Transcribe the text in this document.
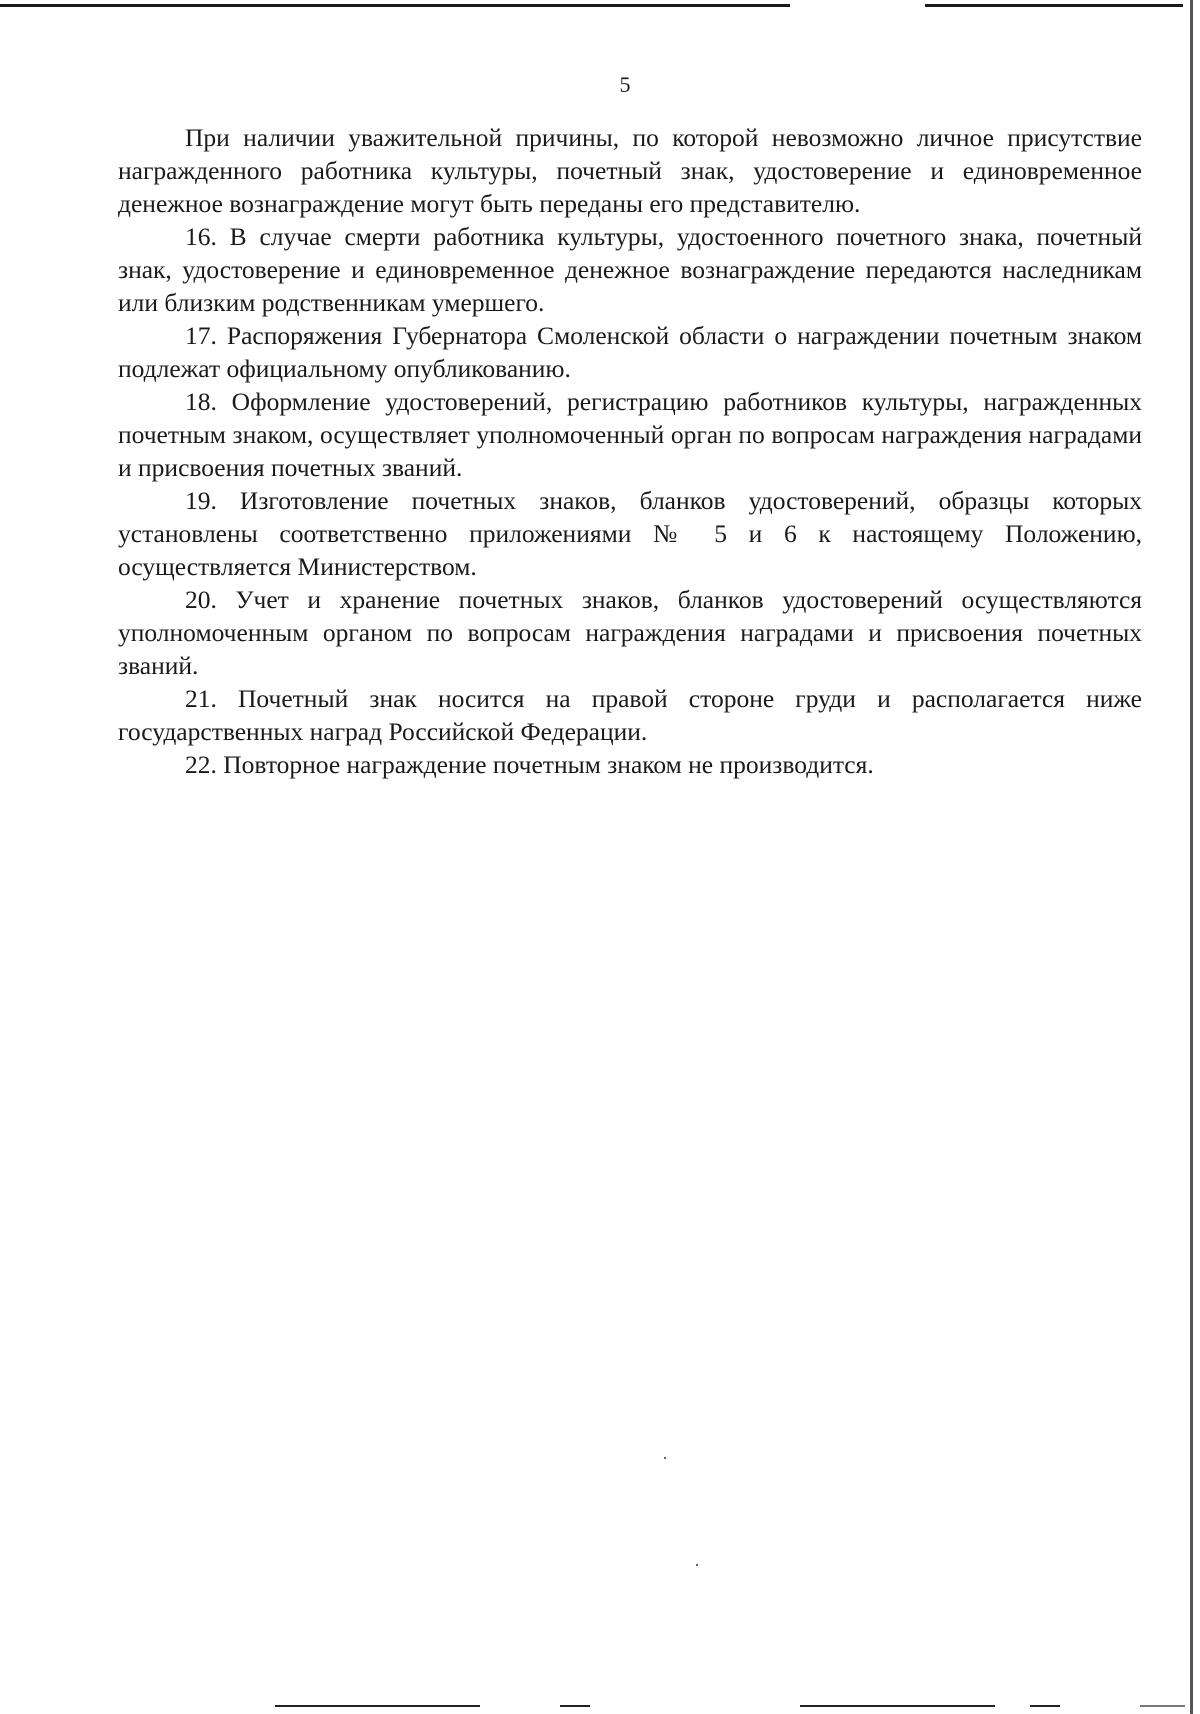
5

При наличии уважительной причины, по которой невозможно личное присутствие награжденного работника культуры, почетный знак, удостоверение и единовременное денежное вознаграждение могут быть переданы его представителю.

16. В случае смерти работника культуры, удостоенного почетного знака, почетный знак, удостоверение и единовременное денежное вознаграждение передаются наследникам или близким родственникам умершего.

17. Распоряжения Губернатора Смоленской области о награждении почетным знаком подлежат официальному опубликованию.

18. Оформление удостоверений, регистрацию работников культуры, награжденных почетным знаком, осуществляет уполномоченный орган по вопросам награждения наградами и присвоения почетных званий.

19. Изготовление почетных знаков, бланков удостоверений, образцы которых установлены соответственно приложениями № 5 и 6 к настоящему Положению, осуществляется Министерством.

20. Учет и хранение почетных знаков, бланков удостоверений осуществляются уполномоченным органом по вопросам награждения наградами и присвоения почетных званий.

21. Почетный знак носится на правой стороне груди и располагается ниже государственных наград Российской Федерации.

22. Повторное награждение почетным знаком не производится.
